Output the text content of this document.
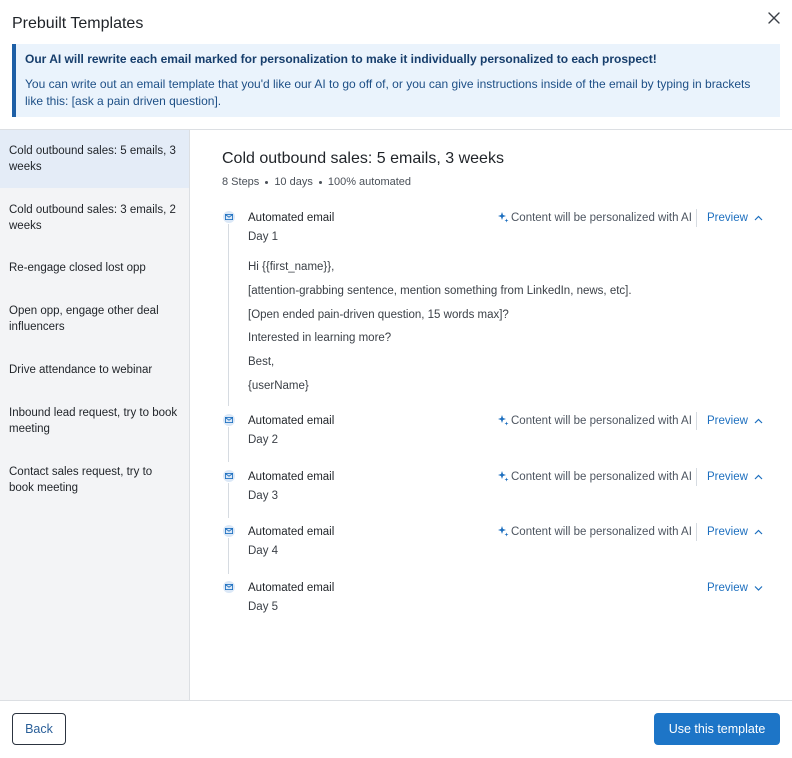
Prebuilt Templates

Our AI will rewrite each email marked for personalization to make it individually personalized to each prospect!

You can write out an email template that you'd like our AI to go off of, or you can give instructions inside of the email by typing in brackets like this: [ask a pain driven question].

Cold outbound sales: 5 emails, 3 weeks
Cold outbound sales: 3 emails, 2 weeks
Re-engage closed lost opp
Open opp, engage other deal influencers
Drive attendance to webinar
Inbound lead request, try to book meeting
Contact sales request, try to book meeting
Cold outbound sales: 5 emails, 3 weeks
8 Steps 10 days 100% automated
Automated email
Day 1
Content will be personalized with AI Preview
Hi {{first_name}},
[attention-grabbing sentence, mention something from LinkedIn, news, etc].
[Open ended pain-driven question, 15 words max]?
Interested in learning more?
Best,
{userName}
Automated email
Day 2
Content will be personalized with AI Preview
Automated email
Day 3
Content will be personalized with AI Preview
Automated email
Day 4
Content will be personalized with AI Preview
Automated email
Day 5
Preview
Back	Use this template
